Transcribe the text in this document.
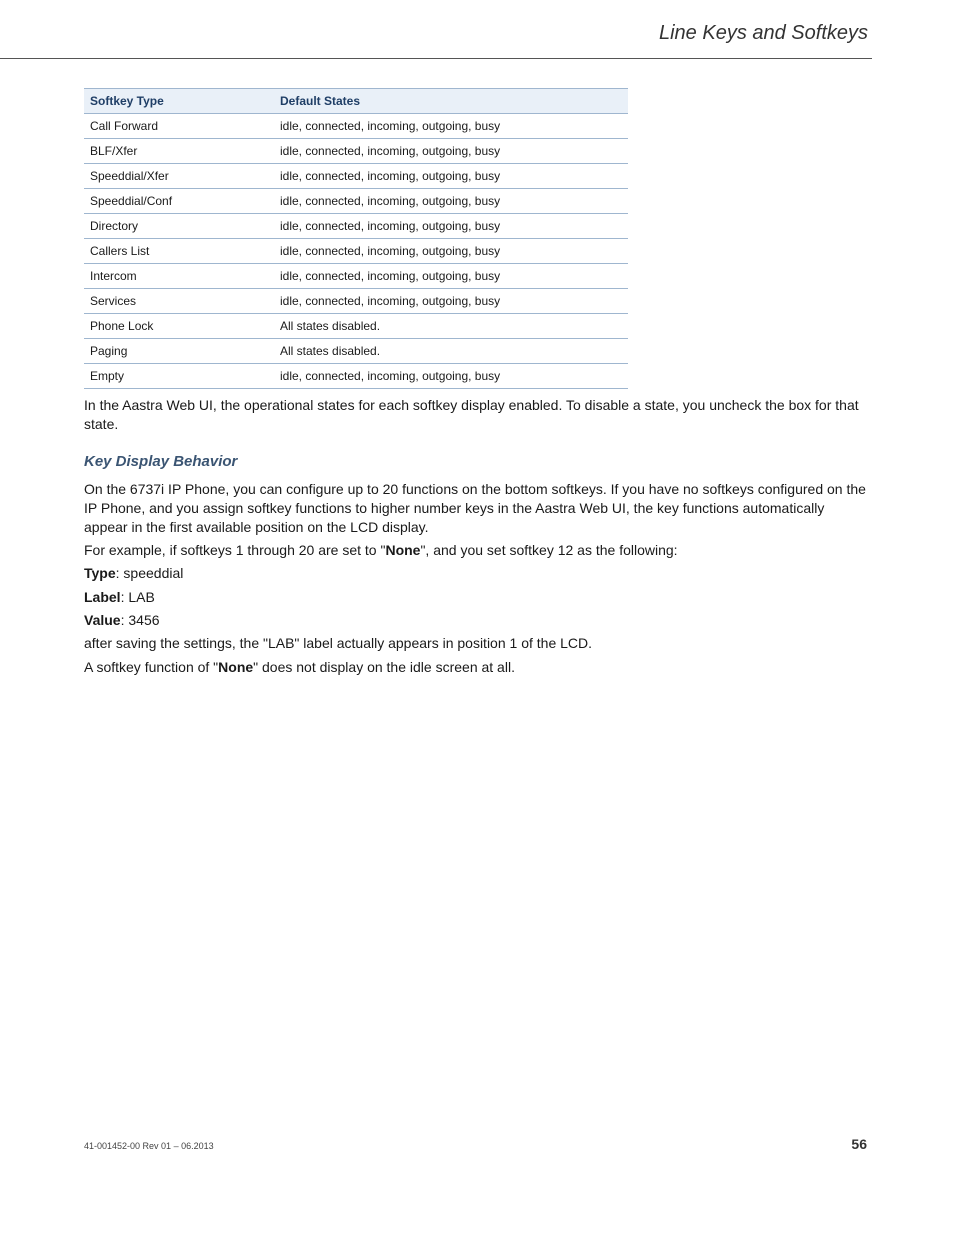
Line Keys and Softkeys
Softkey Type	Default States
Call Forward	idle, connected, incoming, outgoing, busy
BLF/Xfer	idle, connected, incoming, outgoing, busy
Speeddial/Xfer	idle, connected, incoming, outgoing, busy
Speeddial/Conf	idle, connected, incoming, outgoing, busy
Directory	idle, connected, incoming, outgoing, busy
Callers List	idle, connected, incoming, outgoing, busy
Intercom	idle, connected, incoming, outgoing, busy
Services	idle, connected, incoming, outgoing, busy
Phone Lock	All states disabled.
Paging	All states disabled.
Empty	idle, connected, incoming, outgoing, busy

In the Aastra Web UI, the operational states for each softkey display enabled. To disable a state, you uncheck the box for that state.

Key Display Behavior

On the 6737i IP Phone, you can configure up to 20 functions on the bottom softkeys. If you have no softkeys configured on the IP Phone, and you assign softkey functions to higher number keys in the Aastra Web UI, the key functions automatically appear in the first available position on the LCD display.

For example, if softkeys 1 through 20 are set to "None", and you set softkey 12 as the following:

Type: speeddial

Label: LAB

Value: 3456

after saving the settings, the "LAB" label actually appears in position 1 of the LCD.

A softkey function of "None" does not display on the idle screen at all.

41-001452-00 Rev 01 – 06.2013	56
